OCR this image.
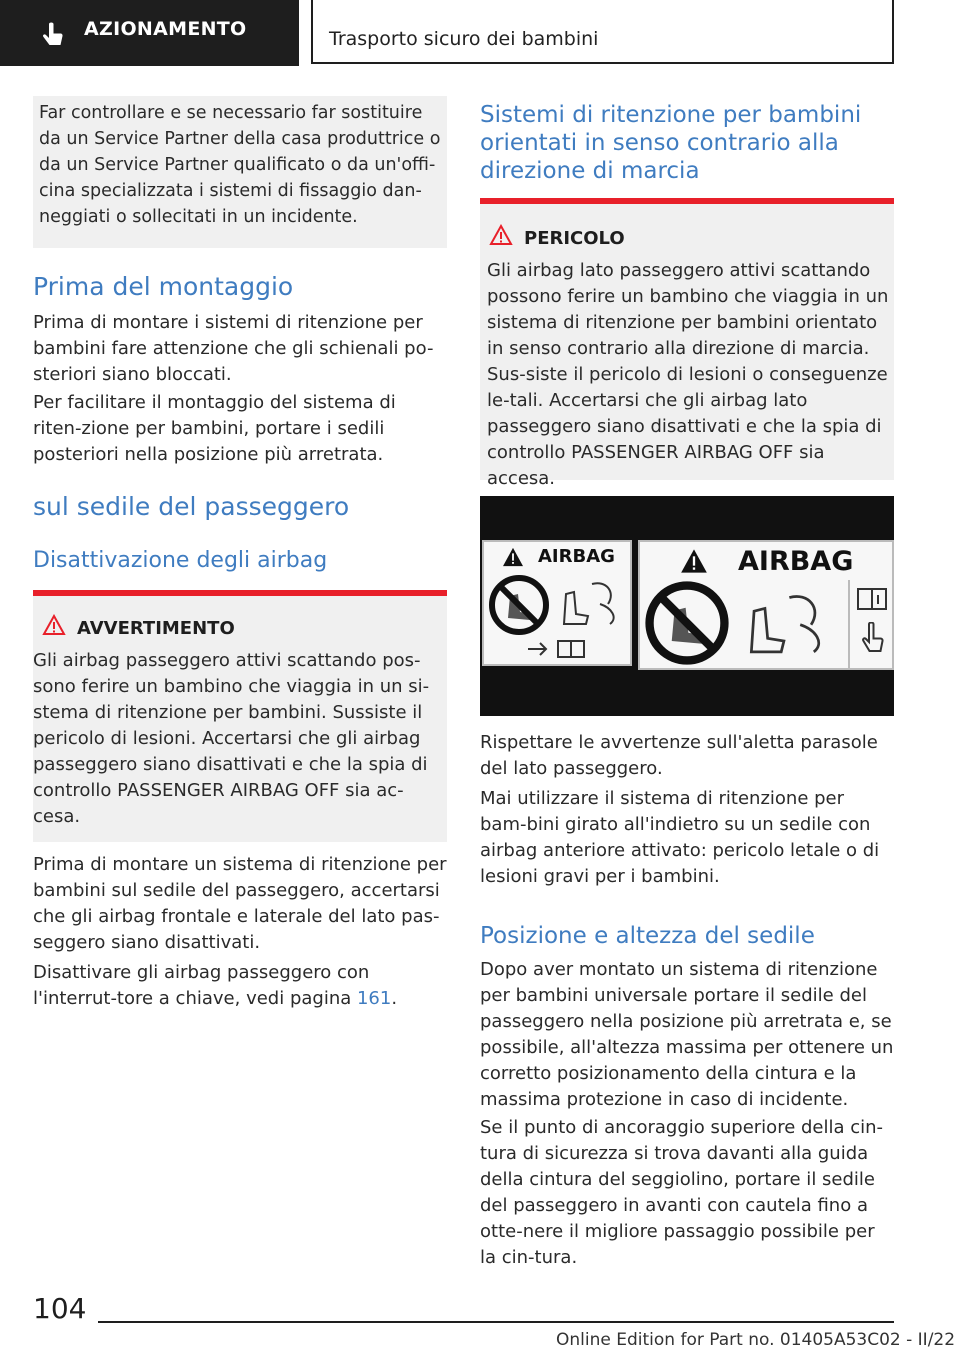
AZIONAMENTO	Trasporto sicuro dei bambini

Far controllare e se necessario far sostituire da un Service Partner della casa produttrice o da un Service Partner qualificato o da un'offi-cina specializzata i sistemi di fissaggio dan-neggiati o sollecitati in un incidente.

Prima del montaggio

Prima di montare i sistemi di ritenzione per bambini fare attenzione che gli schienali po-steriori siano bloccati.

Per facilitare il montaggio del sistema di riten-zione per bambini, portare i sedili posteriori nella posizione più arretrata.

sul sedile del passeggero
Disattivazione degli airbag
AVVERTIMENTO

Gli airbag passeggero attivi scattando pos-sono ferire un bambino che viaggia in un si-stema di ritenzione per bambini. Sussiste il pericolo di lesioni. Accertarsi che gli airbag passeggero siano disattivati e che la spia di controllo PASSENGER AIRBAG OFF sia ac-cesa.

Prima di montare un sistema di ritenzione per bambini sul sedile del passeggero, accertarsi che gli airbag frontale e laterale del lato pas-seggero siano disattivati.

Disattivare gli airbag passeggero con l'interrut-tore a chiave, vedi pagina 161.

Sistemi di ritenzione per bambini orientati in senso contrario alla direzione di marcia
PERICOLO

Gli airbag lato passeggero attivi scattando possono ferire un bambino che viaggia in un sistema di ritenzione per bambini orientato in senso contrario alla direzione di marcia. Sus-siste il pericolo di lesioni o conseguenze le-tali. Accertarsi che gli airbag lato passeggero siano disattivati e che la spia di controllo PASSENGER AIRBAG OFF sia accesa.

AIRBAG	AIRBAG

Rispettare le avvertenze sull'aletta parasole del lato passeggero.

Mai utilizzare il sistema di ritenzione per bam-bini girato all'indietro su un sedile con airbag anteriore attivato: pericolo letale o di lesioni gravi per i bambini.

Posizione e altezza del sedile

Dopo aver montato un sistema di ritenzione per bambini universale portare il sedile del passeggero nella posizione più arretrata e, se possibile, all'altezza massima per ottenere un corretto posizionamento della cintura e la massima protezione in caso di incidente.

Se il punto di ancoraggio superiore della cin-tura di sicurezza si trova davanti alla guida della cintura del seggiolino, portare il sedile del passeggero in avanti con cautela fino a otte-nere il migliore passaggio possibile per la cin-tura.

104
Online Edition for Part no. 01405A53C02 - II/22
